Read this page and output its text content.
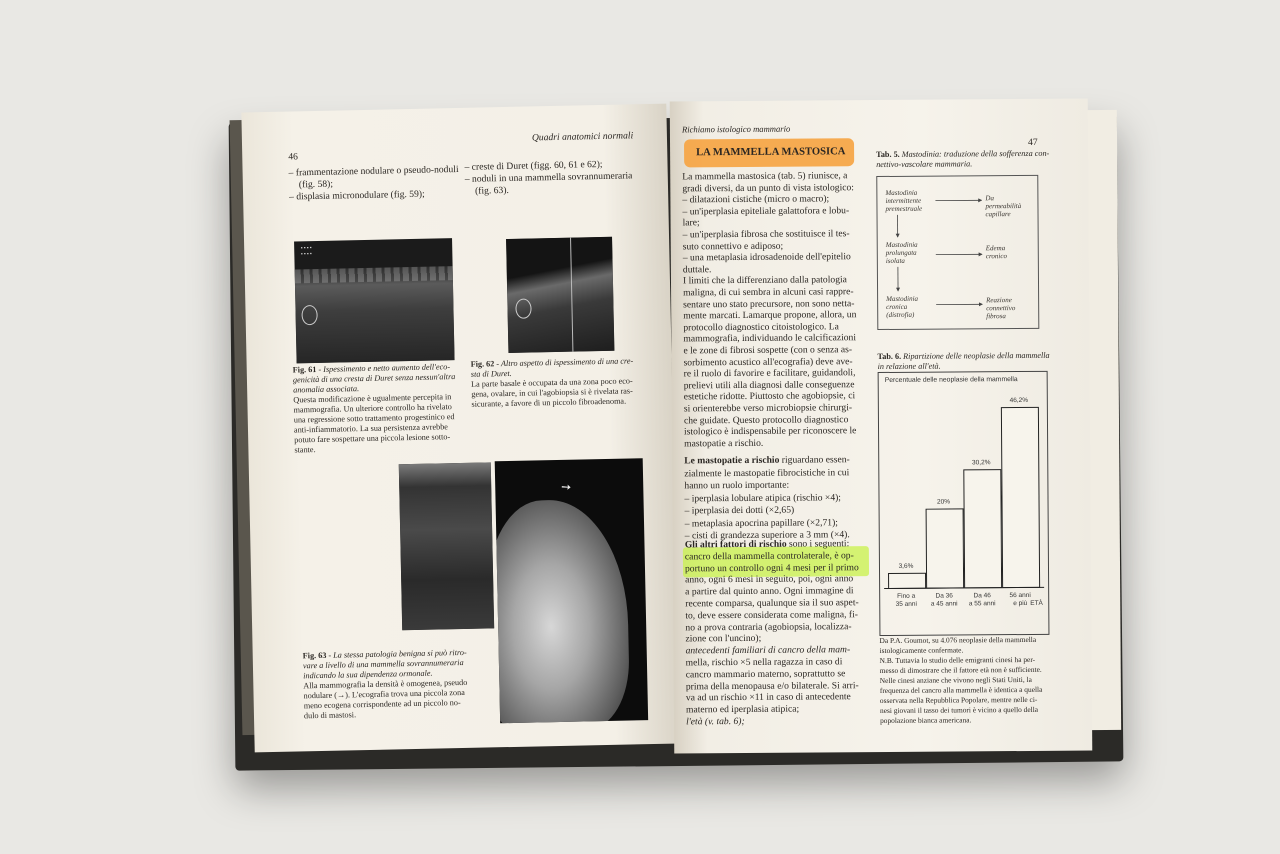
46
Quadri anatomici normali
– frammentazione nodulare o pseudo-noduli
(fig. 58);
– displasia micronodulare (fig. 59);
– creste di Duret (figg. 60, 61 e 62);
– noduli in una mammella sovrannumeraria
(fig. 63).
▪▪▪▪
▪▪▪▪
Fig. 61 - Ispessimento e netto aumento dell'eco-
genicità di una cresta di Duret senza nessun'altra
anomalia associata.
Questa modificazione è ugualmente percepita in
mammografia. Un ulteriore controllo ha rivelato
una regressione sotto trattamento progestinico ed
anti-infiammatorio. La sua persistenza avrebbe
potuto fare sospettare una piccola lesione sotto-
stante.
Fig. 62 - Altro aspetto di ispessimento di una cre-
sta di Duret.
La parte basale è occupata da una zona poco eco-
gena, ovalare, in cui l'agobiopsia si è rivelata ras-
sicurante, a favore di un piccolo fibroadenoma.
➘
Fig. 63 - La stessa patologia benigna si può ritro-
vare a livello di una mammella sovrannumeraria
indicando la sua dipendenza ormonale.
Alla mammografia la densità è omogenea, pseudo
nodulare (→). L'ecografia trova una piccola zona
meno ecogena corrispondente ad un piccolo no-
dulo di mastosi.
Richiamo istologico mammario
47
LA MAMMELLA MASTOSICA
La mammella mastosica (tab. 5) riunisce, a
gradi diversi, da un punto di vista istologico:
– dilatazioni cistiche (micro o macro);
– un'iperplasia epiteliale galattofora e lobu-
lare;
– un'iperplasia fibrosa che sostituisce il tes-
suto connettivo e adiposo;
– una metaplasia idrosadenoide dell'epitelio
duttale.
I limiti che la differenziano dalla patologia
maligna, di cui sembra in alcuni casi rappre-
sentare uno stato precursore, non sono netta-
mente marcati. Lamarque propone, allora, un
protocollo diagnostico citoistologico. La
mammografia, individuando le calcificazioni
e le zone di fibrosi sospette (con o senza as-
sorbimento acustico all'ecografia) deve ave-
re il ruolo di favorire e facilitare, guidandoli,
prelievi utili alla diagnosi dalle conseguenze
estetiche ridotte. Piuttosto che agobiopsie, ci
si orienterebbe verso microbiopsie chirurgi-
che guidate. Questo protocollo diagnostico
istologico è indispensabile per riconoscere le
mastopatie a rischio.
Le mastopatie a rischio riguardano essen-
zialmente le mastopatie fibrocistiche in cui
hanno un ruolo importante:
– iperplasia lobulare atipica (rischio ×4);
– iperplasia dei dotti (×2,65)
– metaplasia apocrina papillare (×2,71);
– cisti di grandezza superiore a 3 mm (×4).
Gli altri fattori di rischio sono i seguenti:
cancro della mammella controlaterale, è op-
portuno un controllo ogni 4 mesi per il primo
anno, ogni 6 mesi in seguito, poi, ogni anno
a partire dal quinto anno. Ogni immagine di
recente comparsa, qualunque sia il suo aspet-
to, deve essere considerata come maligna, fi-
no a prova contraria (agobiopsia, localizza-
zione con l'uncino);
antecedenti familiari di cancro della mam-
mella, rischio ×5 nella ragazza in caso di
cancro mammario materno, soprattutto se
prima della menopausa e/o bilaterale. Si arri-
va ad un rischio ×11 in caso di antecedente
materno ed iperplasia atipica;
l'età (v. tab. 6);
Tab. 5. Mastodinia: traduzione della sofferenza con-
nettivo-vascolare mammaria.
Mastodinia
intermittente
premestruale
Da
permeabilità
capillare
Mastodinia
prolungata
isolata
Edema
cronico
Mastodinia
cronica
(distrofia)
Reazione
connettivo
fibrosa
Tab. 6. Ripartizione delle neoplasie della mammella
in relazione all'età.
Percentuale delle neoplasie della mammella
3,6%
Fino a
35 anni
20%
Da 36
a 45 anni
30,2%
Da 46
a 55 anni
46,2%
56 anni
e più ETÀ
Da P.A. Goumot, su 4.076 neoplasie della mammella
istologicamente confermate.
N.B. Tuttavia lo studio delle emigranti cinesi ha per-
messo di dimostrare che il fattore età non è sufficiente.
Nelle cinesi anziane che vivono negli Stati Uniti, la
frequenza del cancro alla mammella è identica a quella
osservata nella Repubblica Popolare, mentre nelle ci-
nesi giovani il tasso dei tumori è vicino a quello della
popolazione bianca americana.
